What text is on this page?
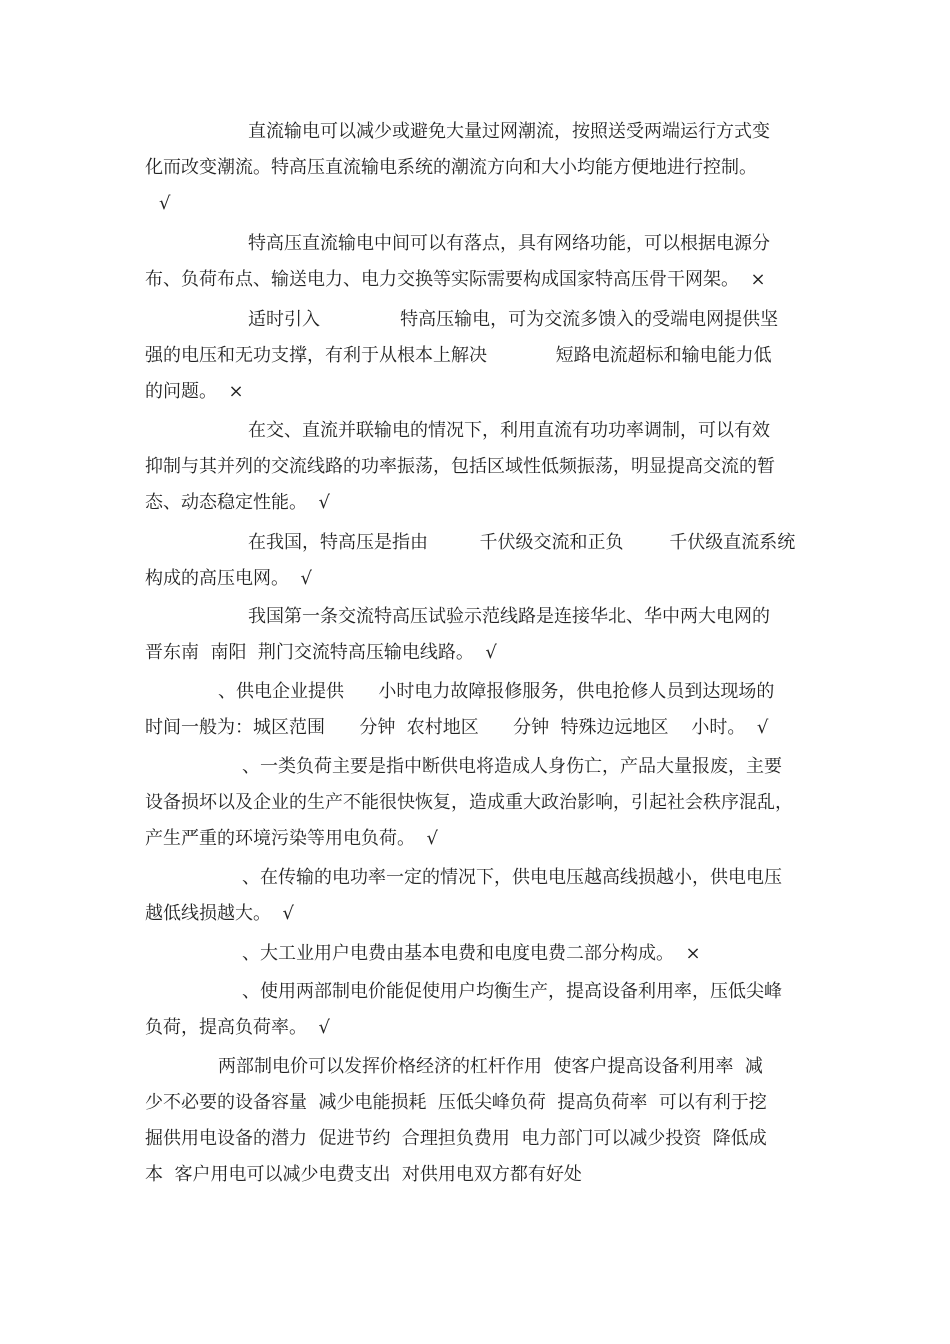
直流输电可以减少或避免大量过网潮流，按照送受两端运行方式变
化而改变潮流。特高压直流输电系统的潮流方向和大小均能方便地进行控制。
√
特高压直流输电中间可以有落点，具有网络功能，可以根据电源分
布、负荷布点、输送电力、电力交换等实际需要构成国家特高压骨干网架。  ×
适时引入              特高压输电，可为交流多馈入的受端电网提供坚
强的电压和无功支撑，有利于从根本上解决            短路电流超标和输电能力低
的问题。  ×
在交、直流并联输电的情况下，利用直流有功功率调制，可以有效
抑制与其并列的交流线路的功率振荡，包括区域性低频振荡，明显提高交流的暂
态、动态稳定性能。  √
在我国，特高压是指由         千伏级交流和正负        千伏级直流系统
构成的高压电网。  √
我国第一条交流特高压试验示范线路是连接华北、华中两大电网的
晋东南  南阳  荆门交流特高压输电线路。  √
、供电企业提供      小时电力故障报修服务，供电抢修人员到达现场的
时间一般为：城区范围      分钟  农村地区      分钟  特殊边远地区    小时。  √
、一类负荷主要是指中断供电将造成人身伤亡，产品大量报废，主要
设备损坏以及企业的生产不能很快恢复，造成重大政治影响，引起社会秩序混乱，
产生严重的环境污染等用电负荷。  √
、在传输的电功率一定的情况下，供电电压越高线损越小，供电电压
越低线损越大。  √
、大工业用户电费由基本电费和电度电费二部分构成。  ×
、使用两部制电价能促使用户均衡生产，提高设备利用率，压低尖峰
负荷，提高负荷率。  √
两部制电价可以发挥价格经济的杠杆作用  使客户提高设备利用率  减
少不必要的设备容量  减少电能损耗  压低尖峰负荷  提高负荷率  可以有利于挖
掘供用电设备的潜力  促进节约  合理担负费用  电力部门可以减少投资  降低成
本  客户用电可以减少电费支出  对供用电双方都有好处
